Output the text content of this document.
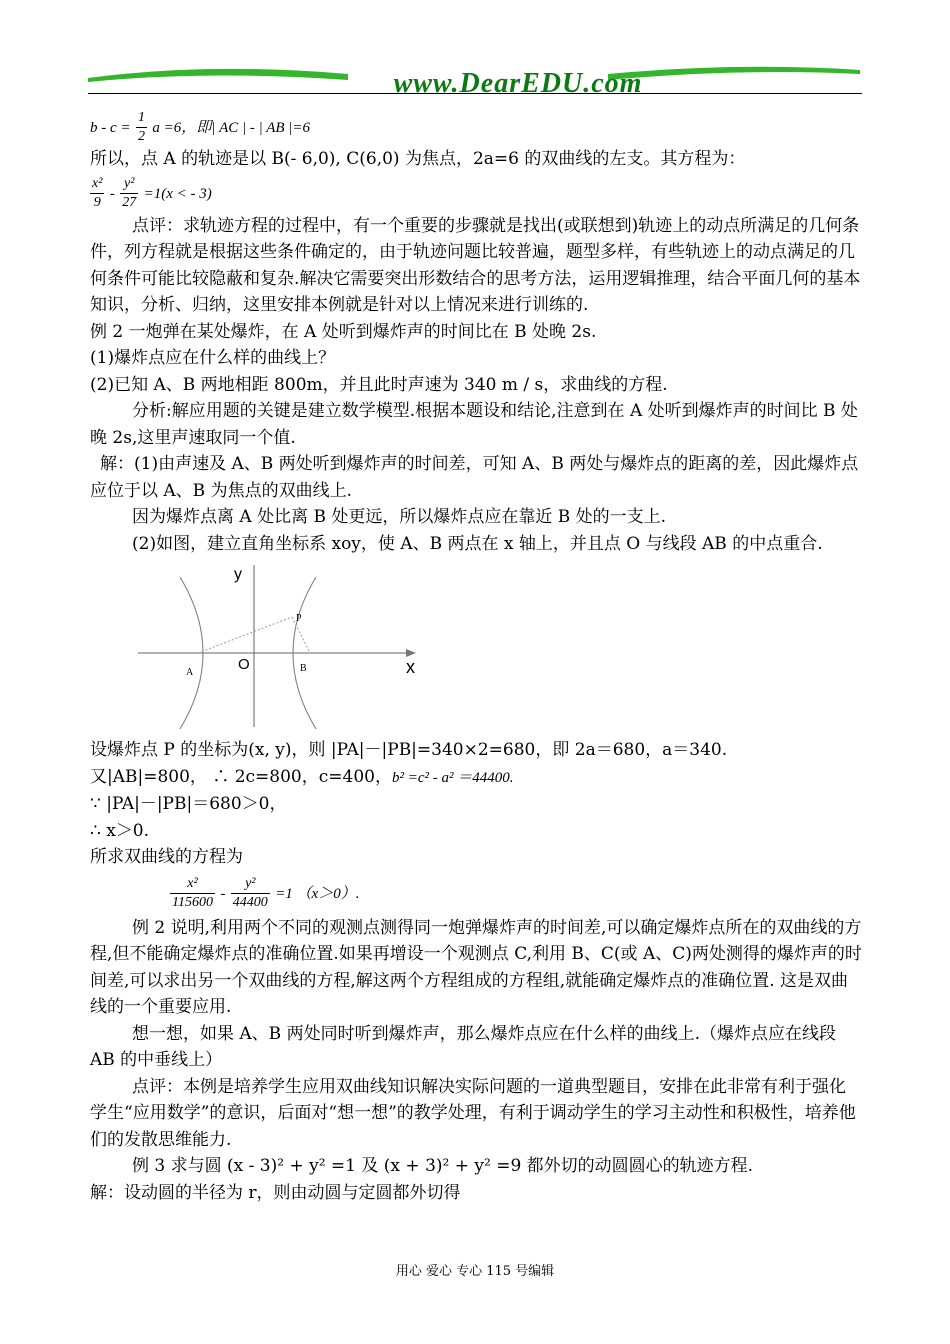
www.DearEDU.com

$b - c = \frac{1}{2}$ a =6，即| AC | - | AB |=6

所以，点 A 的轨迹是以 B(- 6,0), C(6,0) 为焦点，2a=6 的双曲线的左支。其方程为：

$\frac{\text{x²}}{9} - \frac{\text{y²}}{27} =1(x$ < - 3)

点评：求轨迹方程的过程中，有一个重要的步骤就是找出(或联想到)轨迹上的动点所满足的几何条件，列方程就是根据这些条件确定的，由于轨迹问题比较普遍，题型多样，有些轨迹上的动点满足的几何条件可能比较隐蔽和复杂.解决它需要突出形数结合的思考方法，运用逻辑推理，结合平面几何的基本知识，分析、归纳，这里安排本例就是针对以上情况来进行训练的.

例 2 一炮弹在某处爆炸，在 A 处听到爆炸声的时间比在 B 处晚 2s.

(1)爆炸点应在什么样的曲线上？

(2)已知 A、B 两地相距 800m，并且此时声速为 340 m / s，求曲线的方程.

分析:解应用题的关键是建立数学模型.根据本题设和结论,注意到在 A 处听到爆炸声的时间比 B 处晚 2s,这里声速取同一个值.

解：(1)由声速及 A、B 两处听到爆炸声的时间差，可知 A、B 两处与爆炸点的距离的差，因此爆炸点应位于以 A、B 为焦点的双曲线上.

因为爆炸点离 A 处比离 B 处更远，所以爆炸点应在靠近 B 处的一支上.

(2)如图，建立直角坐标系 xoy，使 A、B 两点在 x 轴上，并且点 O 与线段 AB 的中点重合.

y
x
O
A	B
P

设爆炸点 P 的坐标为(x, y)，则 |PA|－|PB|=340×2=680，即 2a＝680，a＝340.

又|AB|=800， ∴ 2c=800，c=400，b² =c² - a² ＝44400.

∵ |PA|－|PB|＝680＞0，

∴ x＞0.

所求双曲线的方程为

$\frac{\text{x²}}{115600} - \frac{\text{y²}}{44400} =1$ （x＞0）.

例 2 说明,利用两个不同的观测点测得同一炮弹爆炸声的时间差,可以确定爆炸点所在的双曲线的方程,但不能确定爆炸点的准确位置.如果再增设一个观测点 C,利用 B、C(或 A、C)两处测得的爆炸声的时间差,可以求出另一个双曲线的方程,解这两个方程组成的方程组,就能确定爆炸点的准确位置. 这是双曲线的一个重要应用.

想一想，如果 A、B 两处同时听到爆炸声，那么爆炸点应在什么样的曲线上.（爆炸点应在线段 AB 的中垂线上）

点评：本例是培养学生应用双曲线知识解决实际问题的一道典型题目，安排在此非常有利于强化学生“应用数学”的意识，后面对“想一想”的教学处理，有利于调动学生的学习主动性和积极性，培养他们的发散思维能力.

例 3 求与圆 (x - 3)² + y² =1 及 (x + 3)² + y² =9 都外切的动圆圆心的轨迹方程.

解：设动圆的半径为 r，则由动圆与定圆都外切得

用心 爱心 专心 115 号编辑
